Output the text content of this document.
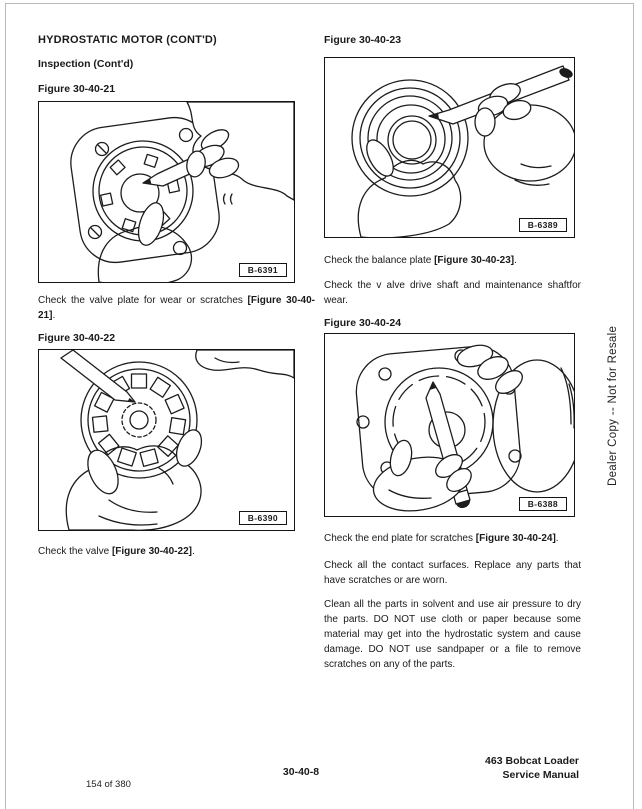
HYDROSTATIC MOTOR (CONT'D)
Inspection (Cont'd)
Figure 30-40-21
B-6391

Check the valve plate for wear or scratches [Figure 30-40-21].

Figure 30-40-22
B-6390

Check the valve [Figure 30-40-22].

Figure 30-40-23
B-6389

Check the balance plate [Figure 30-40-23].

Check the v alve drive shaft and maintenance shaftfor wear.

Figure 30-40-24
B-6388

Check the end plate for scratches [Figure 30-40-24].

Check all the contact surfaces. Replace any parts that have scratches or are worn.

Clean all the parts in solvent and use air pressure to dry the parts. DO NOT use cloth or paper because some material may get into the hydrostatic system and cause damage. DO NOT use sandpaper or a file to remove scratches on any of the parts.

Dealer Copy -- Not for Resale
30-40-8
463 Bobcat Loader
Service Manual
154 of 380
